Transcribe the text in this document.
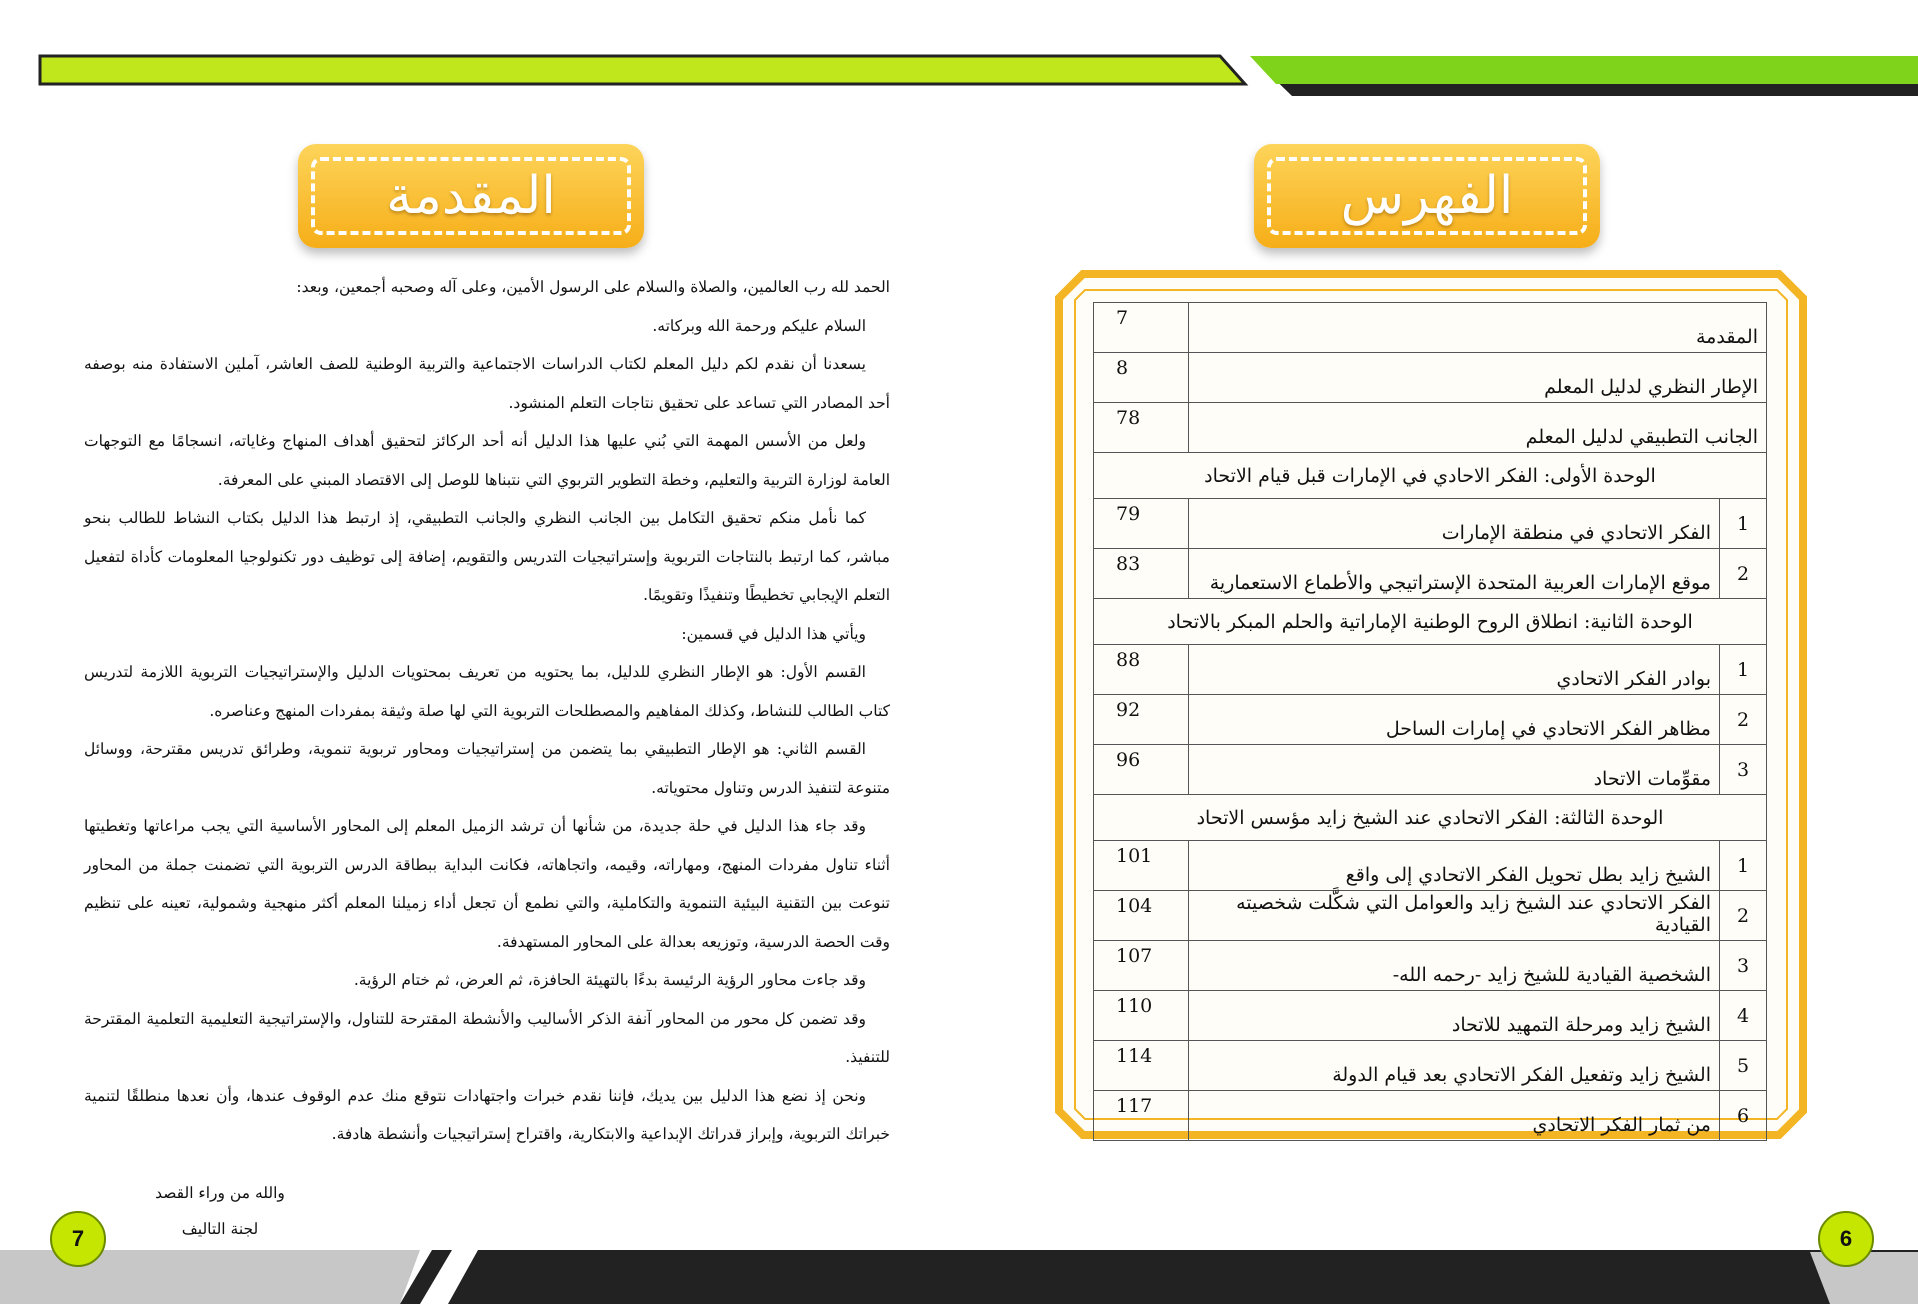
الفهرس
المقدمة		7
الإطار النظري لدليل المعلم		8
الجانب التطبيقي لدليل المعلم		78
الوحدة الأولى: الفكر الاحادي في الإمارات قبل قيام الاتحاد		
1	الفكر الاتحادي في منطقة الإمارات	79
2	موقع الإمارات العربية المتحدة الإستراتيجي والأطماع الاستعمارية	83
الوحدة الثانية: انطلاق الروح الوطنية الإماراتية والحلم المبكر بالاتحاد		
1	بوادر الفكر الاتحادي	88
2	مظاهر الفكر الاتحادي في إمارات الساحل	92
3	مقوِّمات الاتحاد	96
الوحدة الثالثة: الفكر الاتحادي عند الشيخ زايد مؤسس الاتحاد		
1	الشيخ زايد بطل تحويل الفكر الاتحادي إلى واقع	101
2	الفكر الاتحادي عند الشيخ زايد والعوامل التي شكَّلت شخصيته القيادية	104
3	الشخصية القيادية للشيخ زايد -رحمه الله-	107
4	الشيخ زايد ومرحلة التمهيد للاتحاد	110
5	الشيخ زايد وتفعيل الفكر الاتحادي بعد قيام الدولة	114
6	من ثمار الفكر الاتحادي	117
المقدمة

الحمد لله رب العالمين، والصلاة والسلام على الرسول الأمين، وعلى آله وصحبه أجمعين، وبعد:

السلام عليكم ورحمة الله وبركاته.

يسعدنا أن نقدم لكم دليل المعلم لكتاب الدراسات الاجتماعية والتربية الوطنية للصف العاشر، آملين الاستفادة منه بوصفه أحد المصادر التي تساعد على تحقيق نتاجات التعلم المنشود.

ولعل من الأسس المهمة التي بُني عليها هذا الدليل أنه أحد الركائز لتحقيق أهداف المنهاج وغاياته، انسجامًا مع التوجهات العامة لوزارة التربية والتعليم، وخطة التطوير التربوي التي نتبناها للوصل إلى الاقتصاد المبني على المعرفة.

كما نأمل منكم تحقيق التكامل بين الجانب النظري والجانب التطبيقي، إذ ارتبط هذا الدليل بكتاب النشاط للطالب بنحو مباشر، كما ارتبط بالنتاجات التربوية وإستراتيجيات التدريس والتقويم، إضافة إلى توظيف دور تكنولوجيا المعلومات كأداة لتفعيل التعلم الإيجابي تخطيطًا وتنفيذًا وتقويمًا.

ويأتي هذا الدليل في قسمين:

القسم الأول: هو الإطار النظري للدليل، بما يحتويه من تعريف بمحتويات الدليل والإستراتيجيات التربوية اللازمة لتدريس كتاب الطالب للنشاط، وكذلك المفاهيم والمصطلحات التربوية التي لها صلة وثيقة بمفردات المنهج وعناصره.

القسم الثاني: هو الإطار التطبيقي بما يتضمن من إستراتيجيات ومحاور تربوية تنموية، وطرائق تدريس مقترحة، ووسائل متنوعة لتنفيذ الدرس وتناول محتوياته.

وقد جاء هذا الدليل في حلة جديدة، من شأنها أن ترشد الزميل المعلم إلى المحاور الأساسية التي يجب مراعاتها وتغطيتها أثناء تناول مفردات المنهج، ومهاراته، وقيمه، واتجاهاته، فكانت البداية ببطاقة الدرس التربوية التي تضمنت جملة من المحاور تنوعت بين التقنية البيئية التنموية والتكاملية، والتي نطمع أن تجعل أداء زميلنا المعلم أكثر منهجية وشمولية، تعينه على تنظيم وقت الحصة الدرسية، وتوزيعه بعدالة على المحاور المستهدفة.

وقد جاءت محاور الرؤية الرئيسة بدءًا بالتهيئة الحافزة، ثم العرض، ثم ختام الرؤية.

وقد تضمن كل محور من المحاور آنفة الذكر الأساليب والأنشطة المقترحة للتناول، والإستراتيجية التعليمية التعلمية المقترحة للتنفيذ.

ونحن إذ نضع هذا الدليل بين يديك، فإننا نقدم خبرات واجتهادات نتوقع منك عدم الوقوف عندها، وأن نعدها منطلقًا لتنمية خبراتك التربوية، وإبراز قدراتك الإبداعية والابتكارية، واقتراح إستراتيجيات وأنشطة هادفة.

والله من وراء القصد
لجنة التاليف
7	6
